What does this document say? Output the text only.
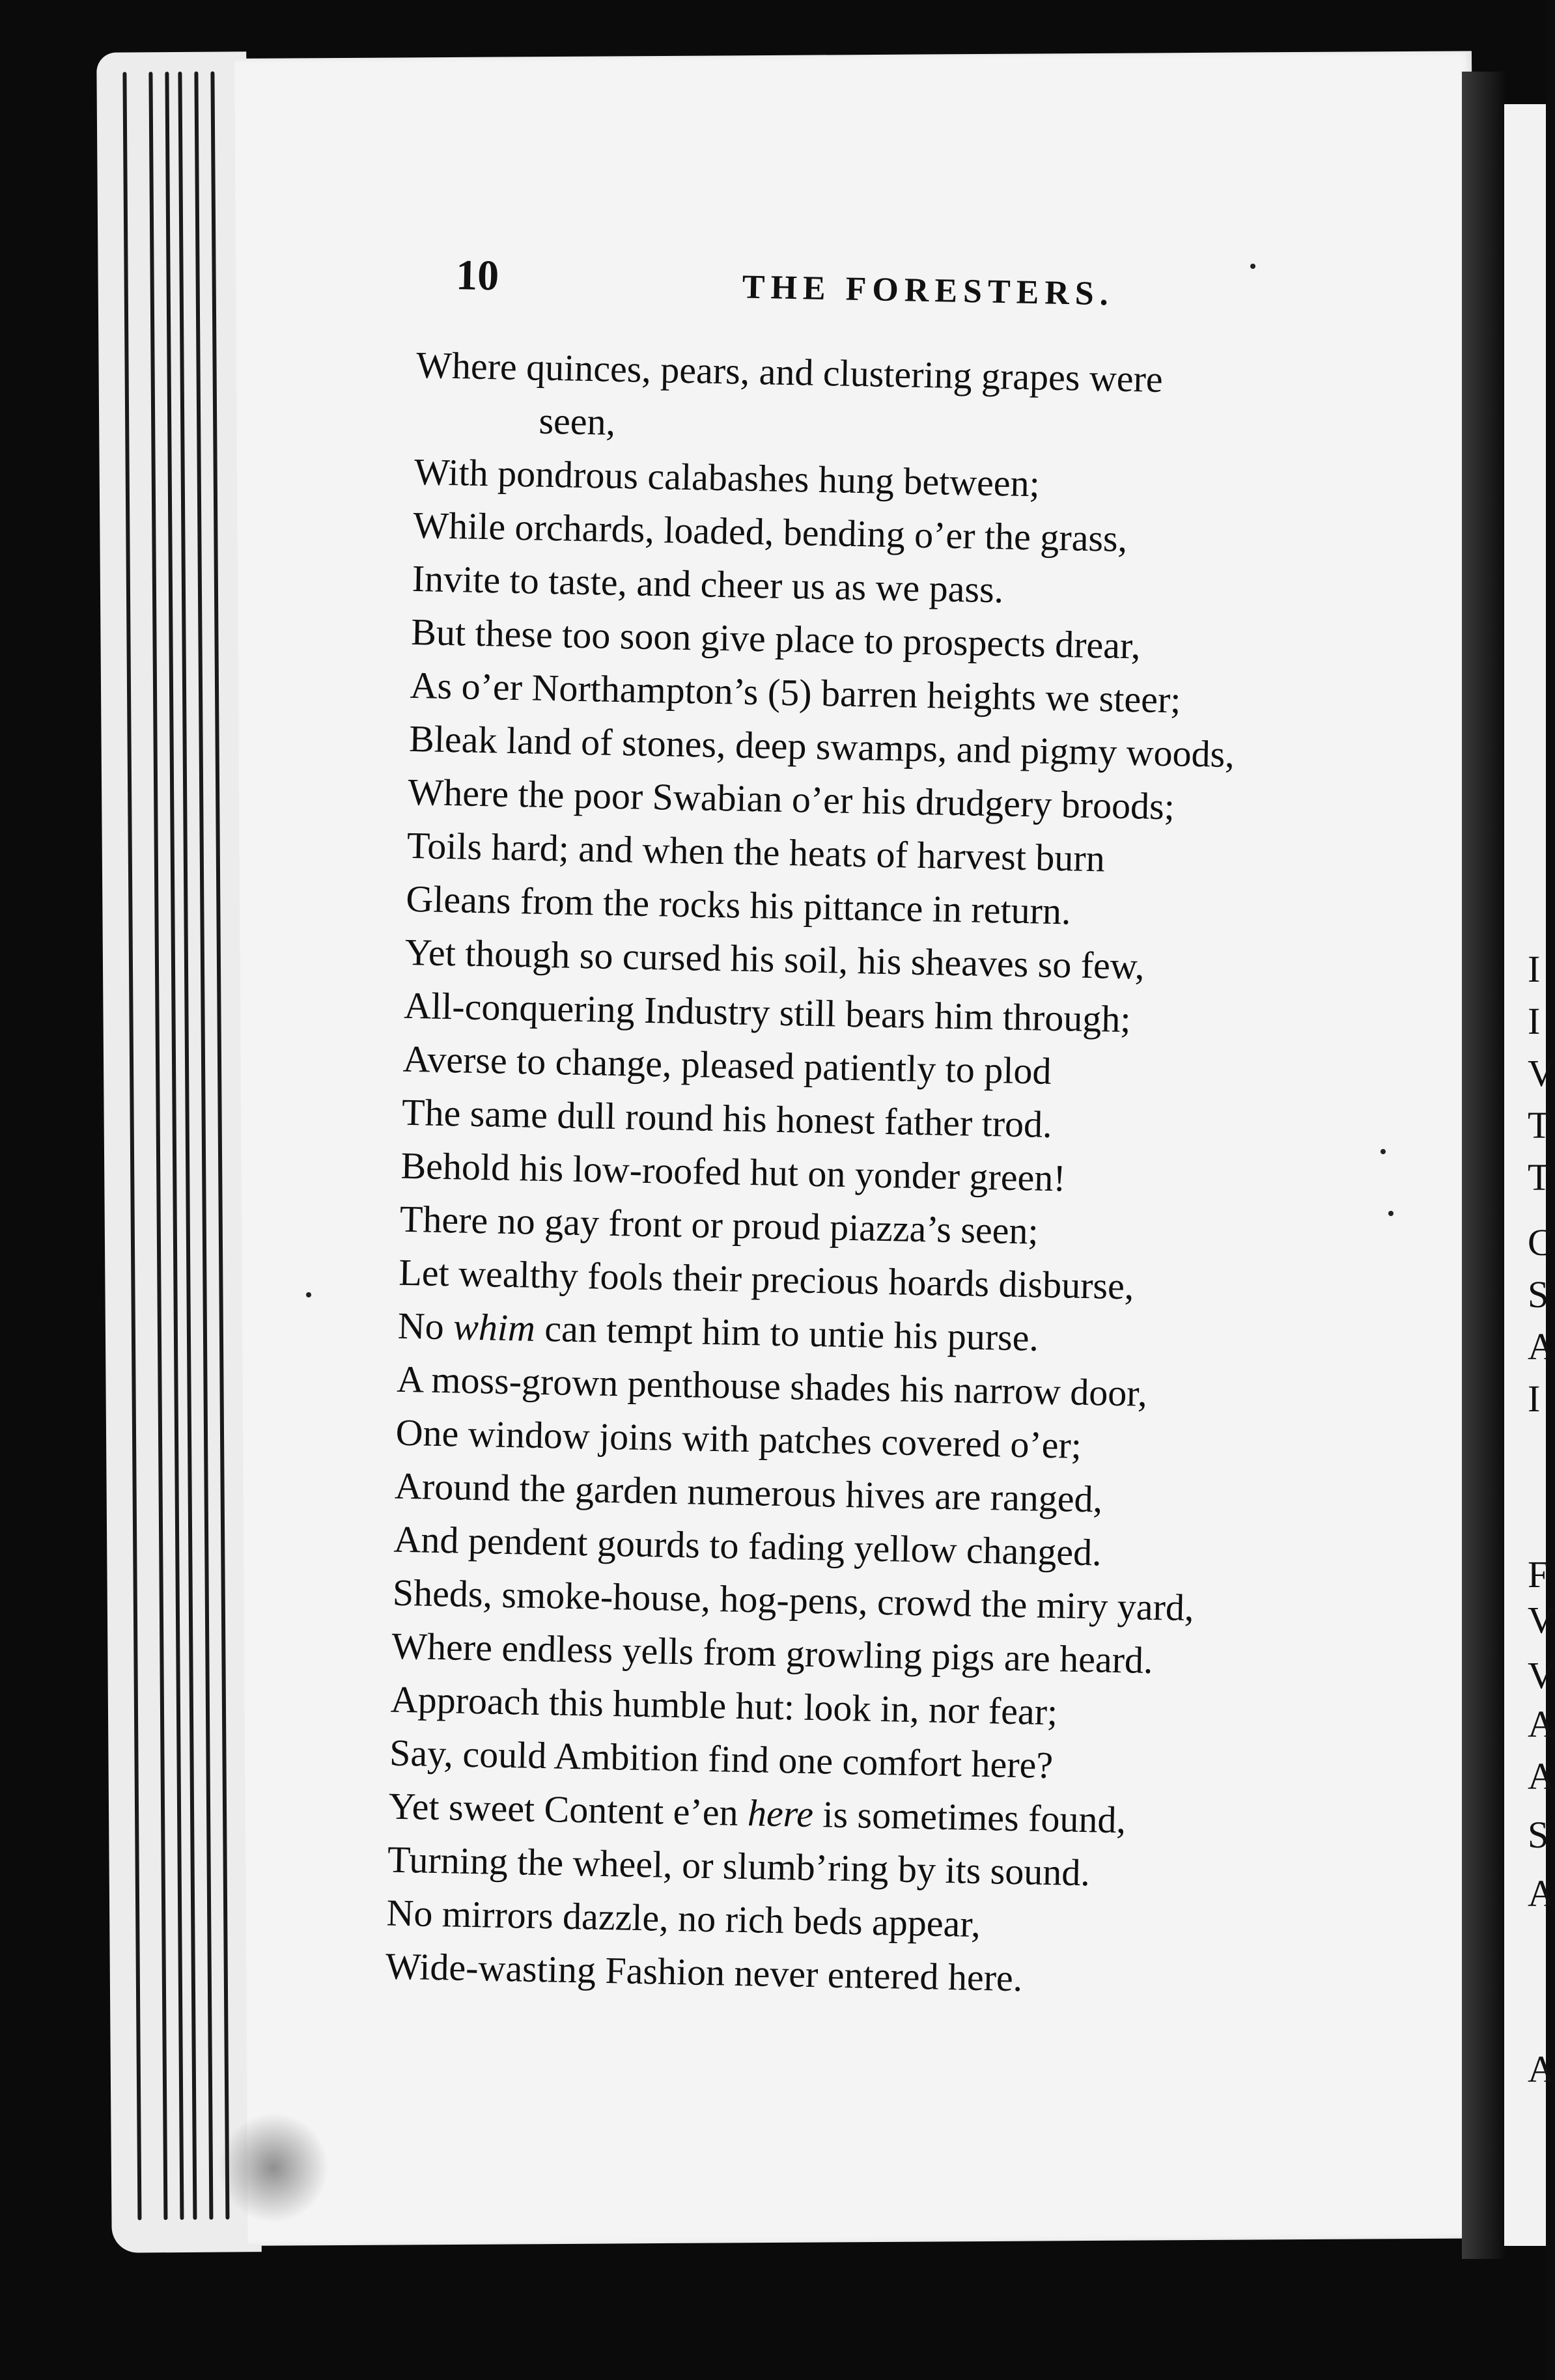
I
I
V
T
T
C
S
A
I
F
V
V
A
A
S
A
A
10	THE FORESTERS.
Where quinces, pears, and clustering grapes were
seen,
With pondrous calabashes hung between;
While orchards, loaded, bending o’er the grass,
Invite to taste, and cheer us as we pass.
But these too soon give place to prospects drear,
As o’er Northampton’s (5) barren heights we steer;
Bleak land of stones, deep swamps, and pigmy woods,
Where the poor Swabian o’er his drudgery broods;
Toils hard; and when the heats of harvest burn
Gleans from the rocks his pittance in return.
Yet though so cursed his soil, his sheaves so few,
All-conquering Industry still bears him through;
Averse to change, pleased patiently to plod
The same dull round his honest father trod.
Behold his low-roofed hut on yonder green!
There no gay front or proud piazza’s seen;
Let wealthy fools their precious hoards disburse,
No whim can tempt him to untie his purse.
A moss-grown penthouse shades his narrow door,
One window joins with patches covered o’er;
Around the garden numerous hives are ranged,
And pendent gourds to fading yellow changed.
Sheds, smoke-house, hog-pens, crowd the miry yard,
Where endless yells from growling pigs are heard.
Approach this humble hut: look in, nor fear;
Say, could Ambition find one comfort here?
Yet sweet Content e’en here is sometimes found,
Turning the wheel, or slumb’ring by its sound.
No mirrors dazzle, no rich beds appear,
Wide-wasting Fashion never entered here.
